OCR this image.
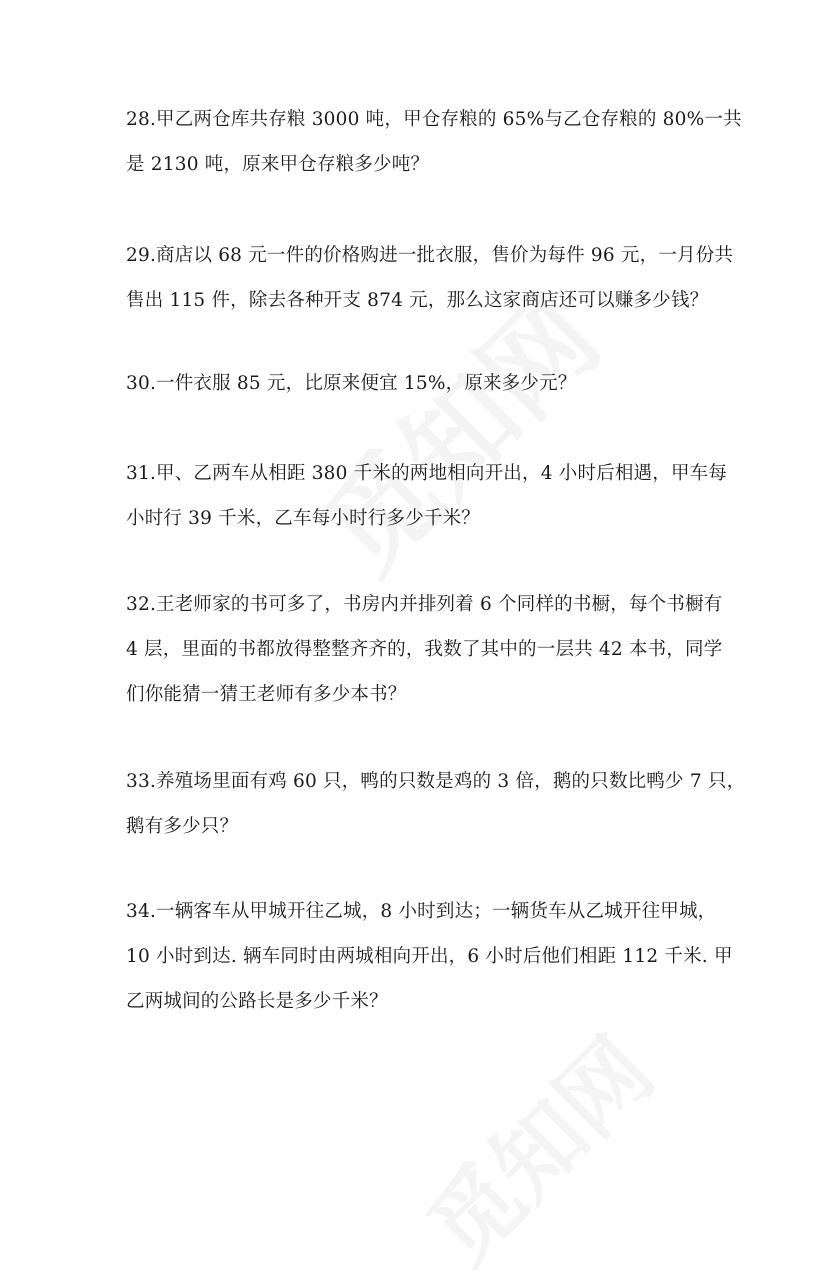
28.甲乙两仓库共存粮 3000 吨，甲仓存粮的 65%与乙仓存粮的 80%一共
是 2130 吨，原来甲仓存粮多少吨？

29.商店以 68 元一件的价格购进一批衣服，售价为每件 96 元，一月份共
售出 115 件，除去各种开支 874 元，那么这家商店还可以赚多少钱？

30.一件衣服 85 元，比原来便宜 15%，原来多少元？

31.甲、乙两车从相距 380 千米的两地相向开出，4 小时后相遇，甲车每
小时行 39 千米，乙车每小时行多少千米？

32.王老师家的书可多了，书房内并排列着 6 个同样的书橱，每个书橱有
4 层，里面的书都放得整整齐齐的，我数了其中的一层共 42 本书，同学
们你能猜一猜王老师有多少本书？

33.养殖场里面有鸡 60 只，鸭的只数是鸡的 3 倍，鹅的只数比鸭少 7 只，
鹅有多少只？

34.一辆客车从甲城开往乙城，8 小时到达；一辆货车从乙城开往甲城，
10 小时到达. 辆车同时由两城相向开出，6 小时后他们相距 112 千米. 甲
乙两城间的公路长是多少千米？
